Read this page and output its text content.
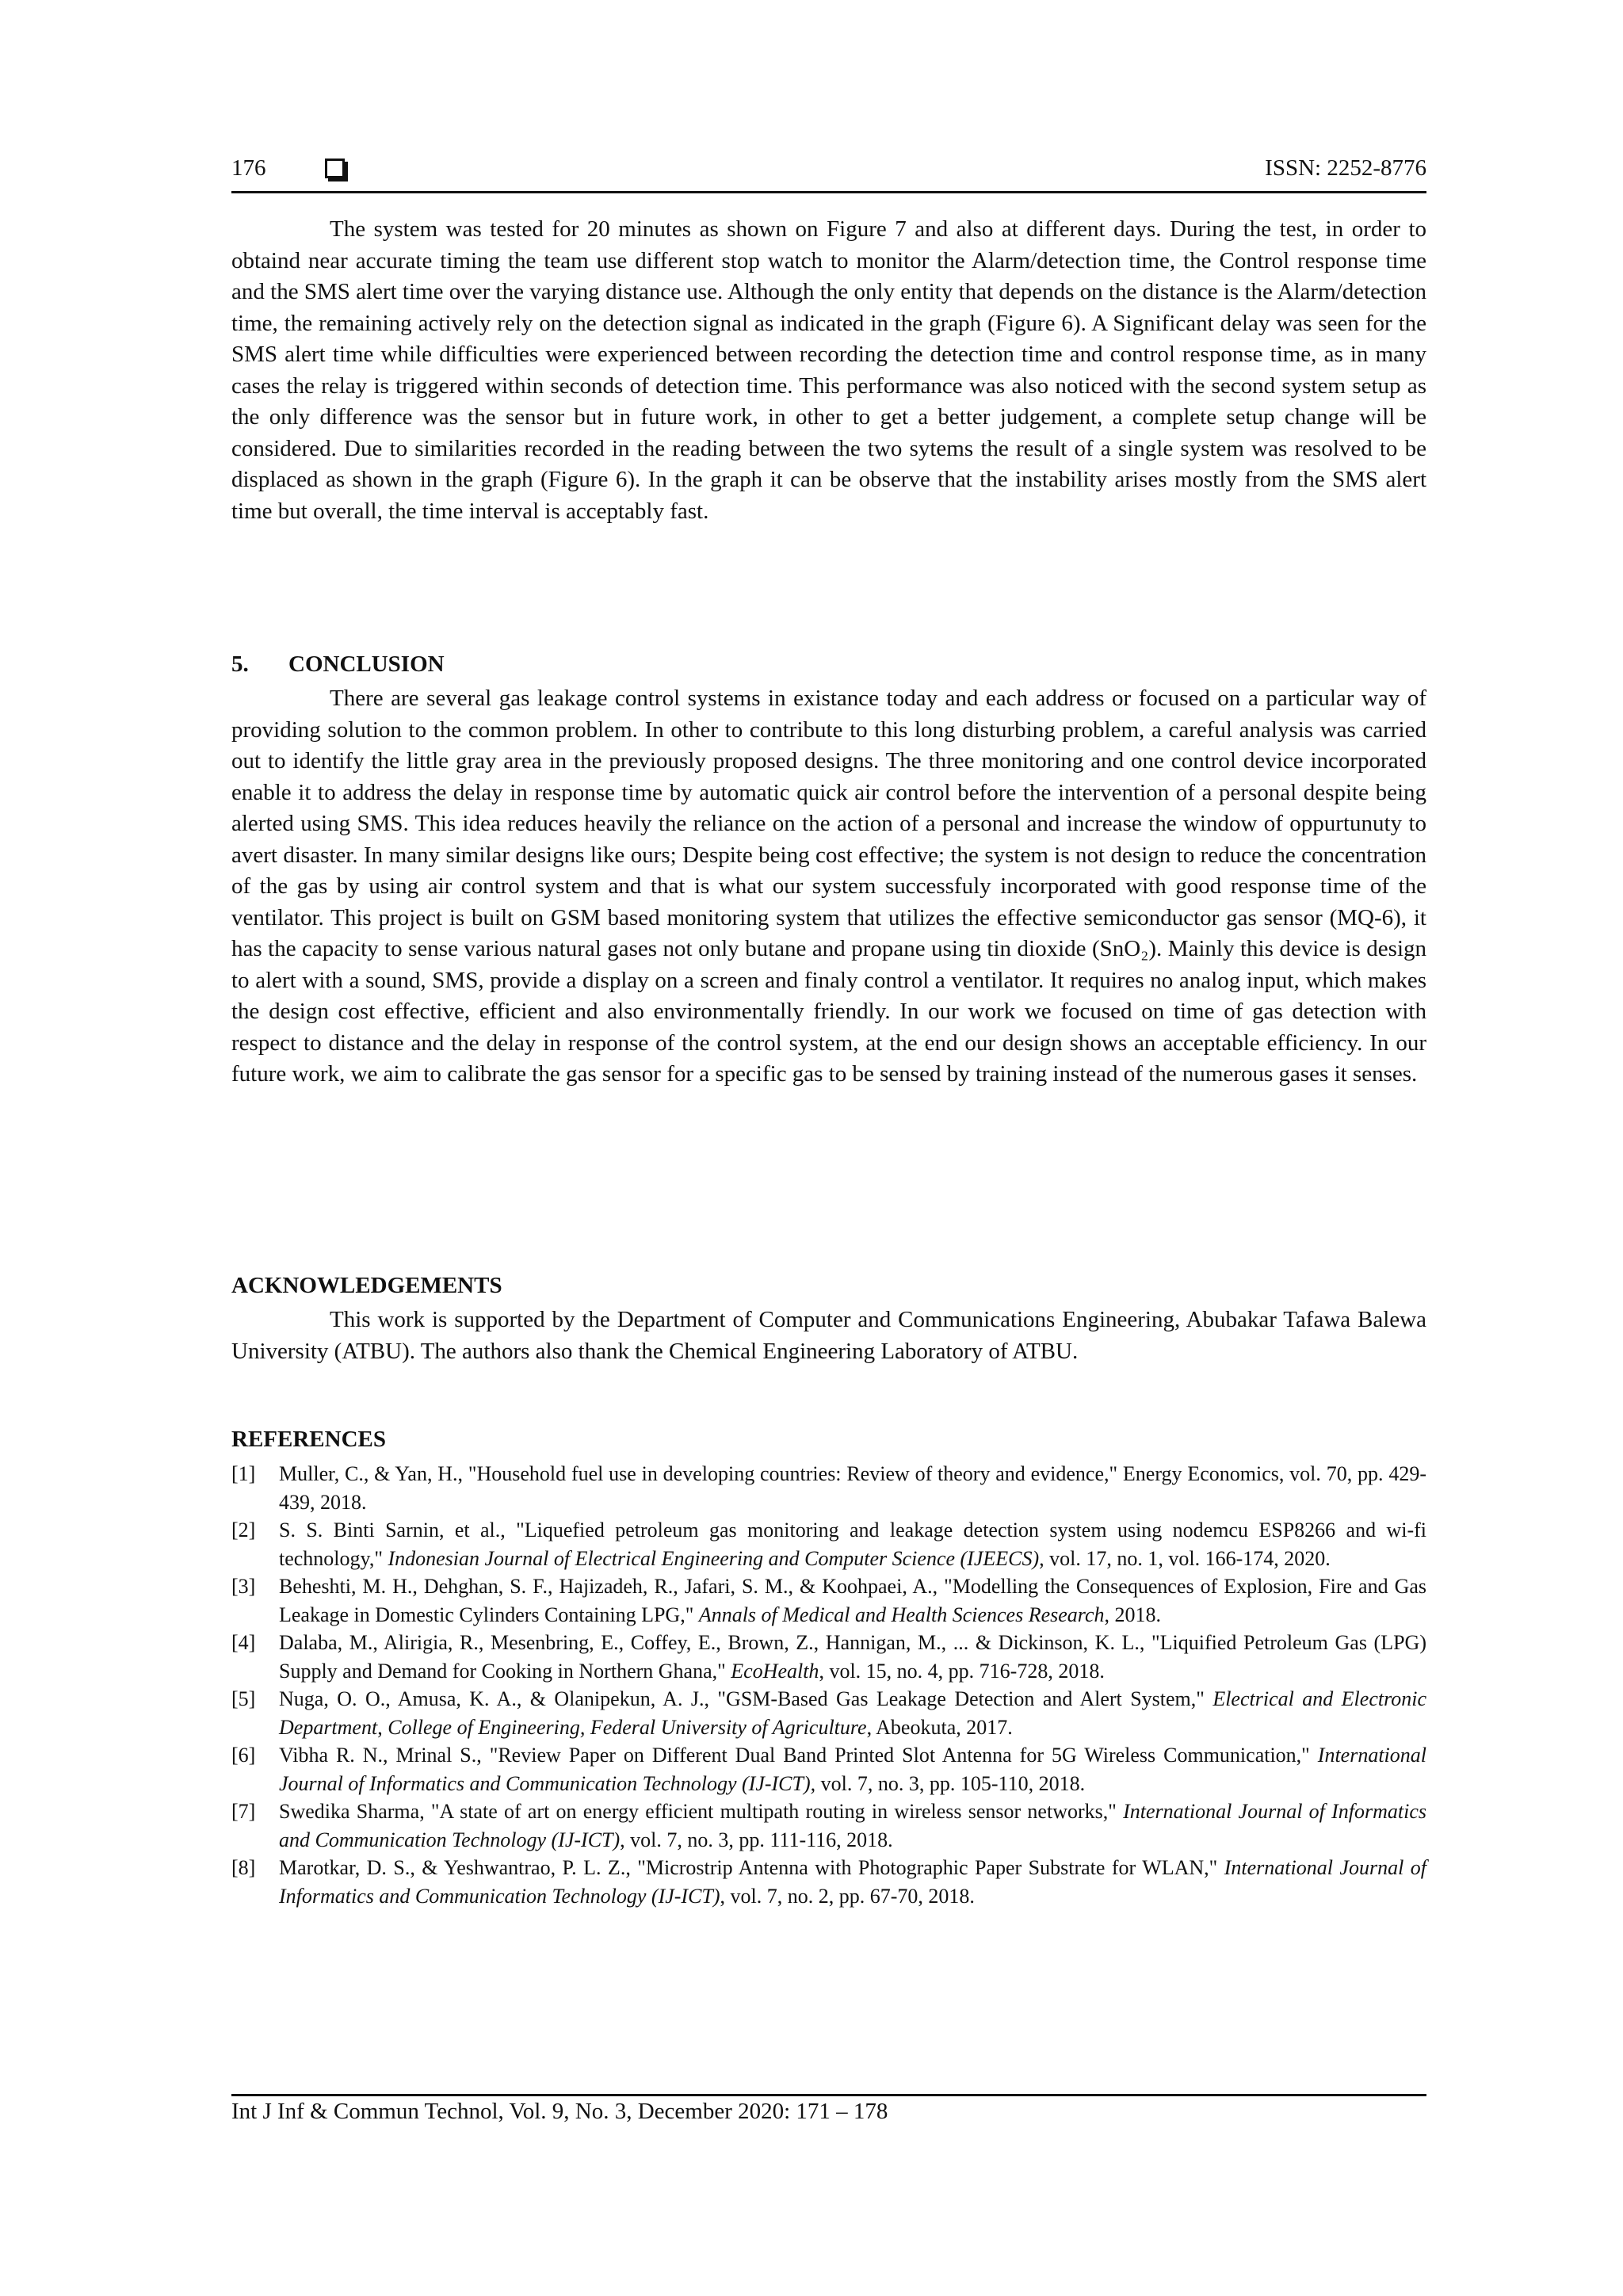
176	ISSN: 2252-8776

The system was tested for 20 minutes as shown on Figure 7 and also at different days. During the test, in order to obtaind near accurate timing the team use different stop watch to monitor the Alarm/detection time, the Control response time and the SMS alert time over the varying distance use. Although the only entity that depends on the distance is the Alarm/detection time, the remaining actively rely on the detection signal as indicated in the graph (Figure 6). A Significant delay was seen for the SMS alert time while difficulties were experienced between recording the detection time and control response time, as in many cases the relay is triggered within seconds of detection time. This performance was also noticed with the second system setup as the only difference was the sensor but in future work, in other to get a better judgement, a complete setup change will be considered. Due to similarities recorded in the reading between the two sytems the result of a single system was resolved to be displaced as shown in the graph (Figure 6). In the graph it can be observe that the instability arises mostly from the SMS alert time but overall, the time interval is acceptably fast.

5. CONCLUSION

There are several gas leakage control systems in existance today and each address or focused on a particular way of providing solution to the common problem. In other to contribute to this long disturbing problem, a careful analysis was carried out to identify the little gray area in the previously proposed designs. The three monitoring and one control device incorporated enable it to address the delay in response time by automatic quick air control before the intervention of a personal despite being alerted using SMS. This idea reduces heavily the reliance on the action of a personal and increase the window of oppurtunuty to avert disaster. In many similar designs like ours; Despite being cost effective; the system is not design to reduce the concentration of the gas by using air control system and that is what our system successfuly incorporated with good response time of the ventilator. This project is built on GSM based monitoring system that utilizes the effective semiconductor gas sensor (MQ-6), it has the capacity to sense various natural gases not only butane and propane using tin dioxide (SnO₂). Mainly this device is design to alert with a sound, SMS, provide a display on a screen and finaly control a ventilator. It requires no analog input, which makes the design cost effective, efficient and also environmentally friendly. In our work we focused on time of gas detection with respect to distance and the delay in response of the control system, at the end our design shows an acceptable efficiency. In our future work, we aim to calibrate the gas sensor for a specific gas to be sensed by training instead of the numerous gases it senses.

ACKNOWLEDGEMENTS

This work is supported by the Department of Computer and Communications Engineering, Abubakar Tafawa Balewa University (ATBU). The authors also thank the Chemical Engineering Laboratory of ATBU.

REFERENCES
[1] Muller, C., & Yan, H., "Household fuel use in developing countries: Review of theory and evidence," Energy Economics, vol. 70, pp. 429-439, 2018.
[2] S. S. Binti Sarnin, et al., "Liquefied petroleum gas monitoring and leakage detection system using nodemcu ESP8266 and wi-fi technology," Indonesian Journal of Electrical Engineering and Computer Science (IJEECS), vol. 17, no. 1, vol. 166-174, 2020.
[3] Beheshti, M. H., Dehghan, S. F., Hajizadeh, R., Jafari, S. M., & Koohpaei, A., "Modelling the Consequences of Explosion, Fire and Gas Leakage in Domestic Cylinders Containing LPG," Annals of Medical and Health Sciences Research, 2018.
[4] Dalaba, M., Alirigia, R., Mesenbring, E., Coffey, E., Brown, Z., Hannigan, M., ... & Dickinson, K. L., "Liquified Petroleum Gas (LPG) Supply and Demand for Cooking in Northern Ghana," EcoHealth, vol. 15, no. 4, pp. 716-728, 2018.
[5] Nuga, O. O., Amusa, K. A., & Olanipekun, A. J., "GSM-Based Gas Leakage Detection and Alert System," Electrical and Electronic Department, College of Engineering, Federal University of Agriculture, Abeokuta, 2017.
[6] Vibha R. N., Mrinal S., "Review Paper on Different Dual Band Printed Slot Antenna for 5G Wireless Communication," International Journal of Informatics and Communication Technology (IJ-ICT), vol. 7, no. 3, pp. 105-110, 2018.
[7] Swedika Sharma, "A state of art on energy efficient multipath routing in wireless sensor networks," International Journal of Informatics and Communication Technology (IJ-ICT), vol. 7, no. 3, pp. 111-116, 2018.
[8] Marotkar, D. S., & Yeshwantrao, P. L. Z., "Microstrip Antenna with Photographic Paper Substrate for WLAN," International Journal of Informatics and Communication Technology (IJ-ICT), vol. 7, no. 2, pp. 67-70, 2018.
Int J Inf & Commun Technol, Vol. 9, No. 3, December 2020: 171 – 178
